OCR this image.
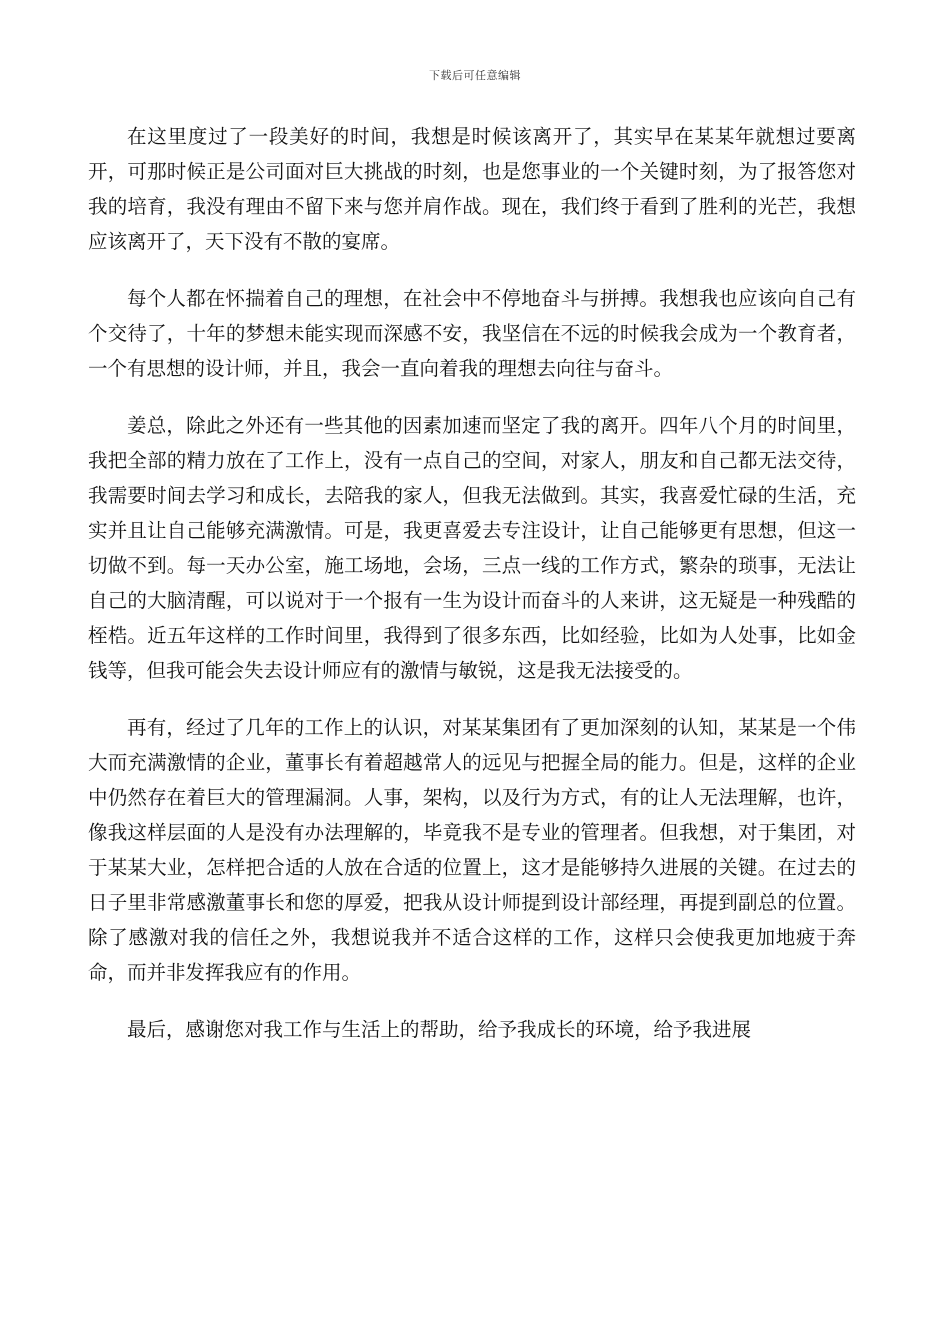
下载后可任意编辑

在这里度过了一段美好的时间，我想是时候该离开了，其实早在某某年就想过要离开，可那时候正是公司面对巨大挑战的时刻，也是您事业的一个关键时刻，为了报答您对我的培育，我没有理由不留下来与您并肩作战。现在，我们终于看到了胜利的光芒，我想应该离开了，天下没有不散的宴席。

每个人都在怀揣着自己的理想，在社会中不停地奋斗与拼搏。我想我也应该向自己有个交待了，十年的梦想未能实现而深感不安，我坚信在不远的时候我会成为一个教育者，一个有思想的设计师，并且，我会一直向着我的理想去向往与奋斗。

姜总，除此之外还有一些其他的因素加速而坚定了我的离开。四年八个月的时间里，我把全部的精力放在了工作上，没有一点自己的空间，对家人，朋友和自己都无法交待，我需要时间去学习和成长，去陪我的家人，但我无法做到。其实，我喜爱忙碌的生活，充实并且让自己能够充满激情。可是，我更喜爱去专注设计，让自己能够更有思想，但这一切做不到。每一天办公室，施工场地，会场，三点一线的工作方式，繁杂的琐事，无法让自己的大脑清醒，可以说对于一个报有一生为设计而奋斗的人来讲，这无疑是一种残酷的桎梏。近五年这样的工作时间里，我得到了很多东西，比如经验，比如为人处事，比如金钱等，但我可能会失去设计师应有的激情与敏锐，这是我无法接受的。

再有，经过了几年的工作上的认识，对某某集团有了更加深刻的认知，某某是一个伟大而充满激情的企业，董事长有着超越常人的远见与把握全局的能力。但是，这样的企业中仍然存在着巨大的管理漏洞。人事，架构，以及行为方式，有的让人无法理解，也许，像我这样层面的人是没有办法理解的，毕竟我不是专业的管理者。但我想，对于集团，对于某某大业，怎样把合适的人放在合适的位置上，这才是能够持久进展的关键。在过去的日子里非常感激董事长和您的厚爱，把我从设计师提到设计部经理，再提到副总的位置。除了感激对我的信任之外，我想说我并不适合这样的工作，这样只会使我更加地疲于奔命，而并非发挥我应有的作用。

最后，感谢您对我工作与生活上的帮助，给予我成长的环境，给予我进展
